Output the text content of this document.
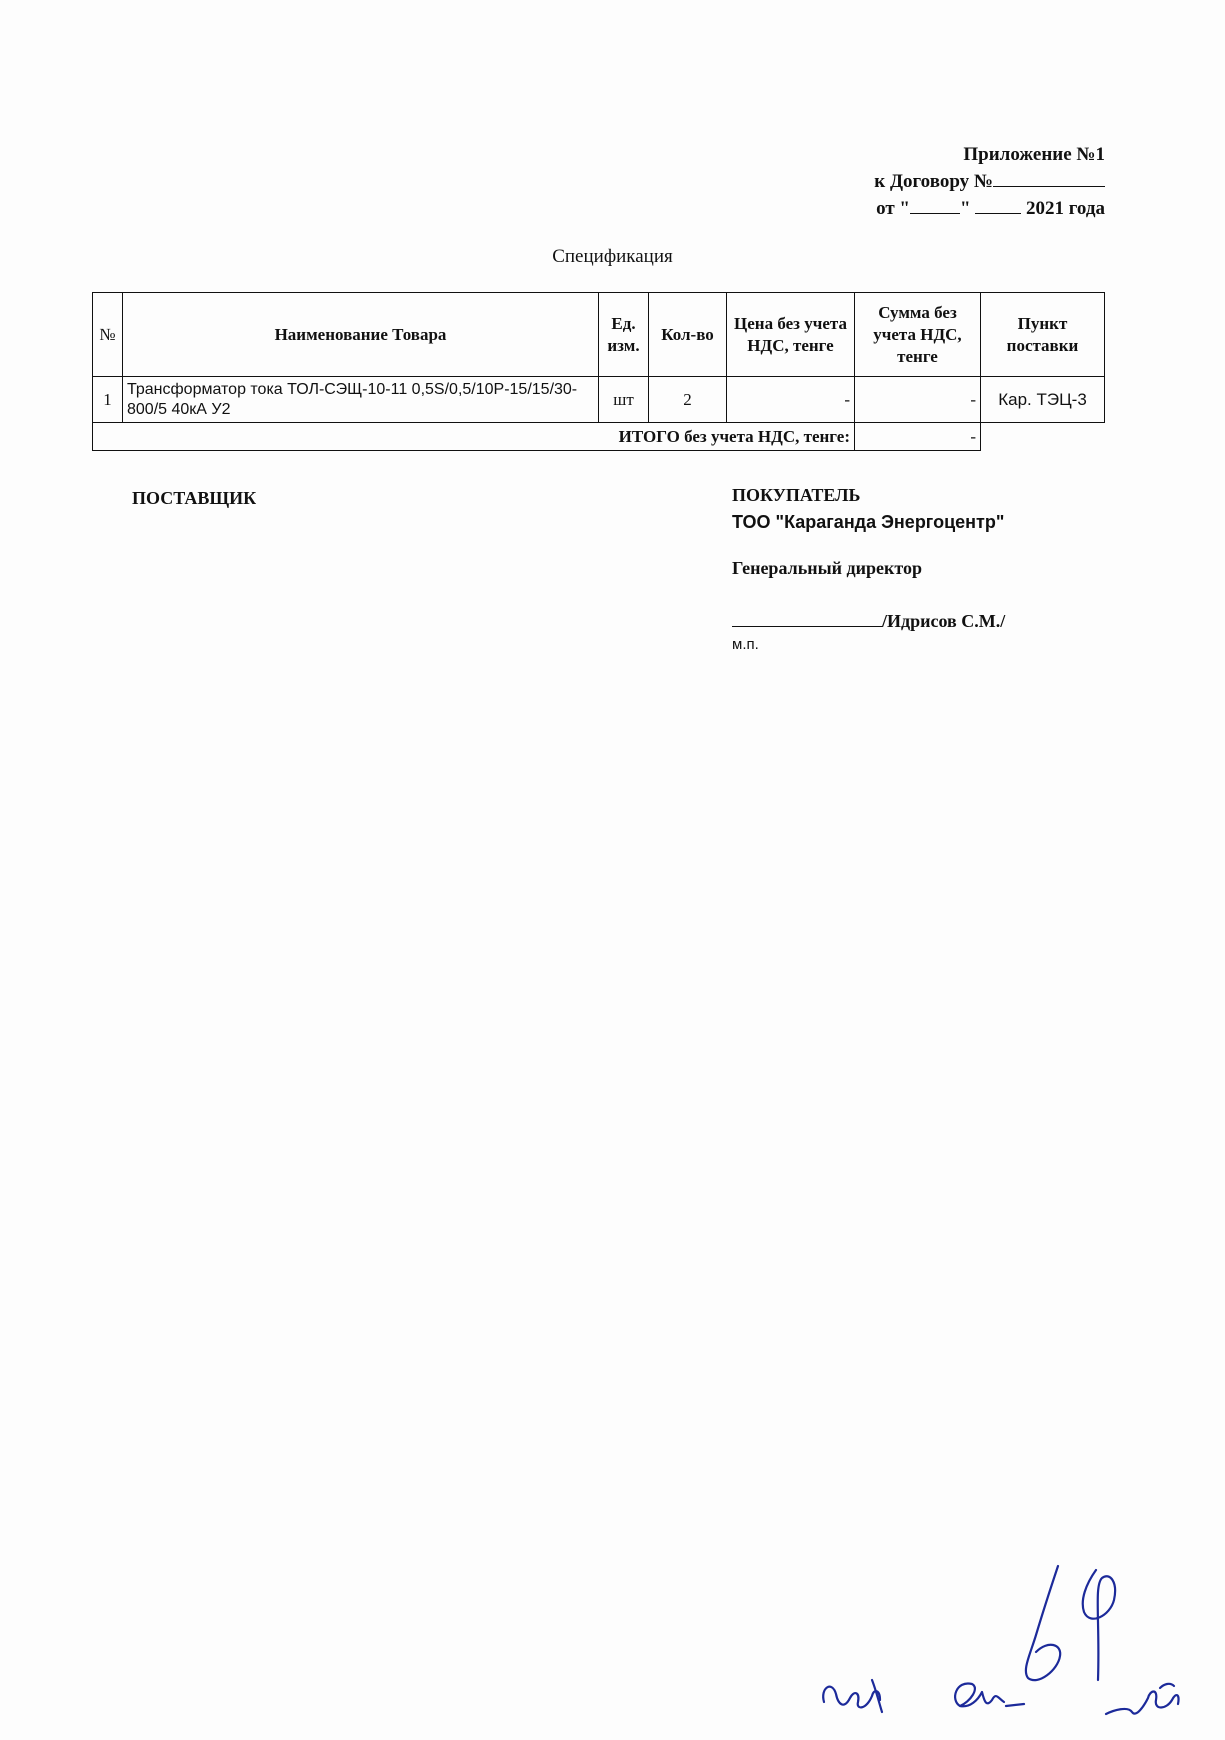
Приложение №1
к Договору №
от "	"	2021 года
Спецификация
№	Наименование Товара	Ед. изм.	Кол-во	Цена без учета НДС, тенге	Сумма без учета НДС, тенге	Пункт поставки
1	Трансформатор тока ТОЛ-СЭЩ-10-11 0,5S/0,5/10Р-15/15/30-800/5 40кА У2	шт	2	-	-	Кар. ТЭЦ-3
ИТОГО без учета НДС, тенге:					-	
ПОСТАВЩИК	ПОКУПАТЕЛЬ
ТОО "Караганда Энергоцентр"
Генеральный директор
/Идрисов С.М./
м.п.
